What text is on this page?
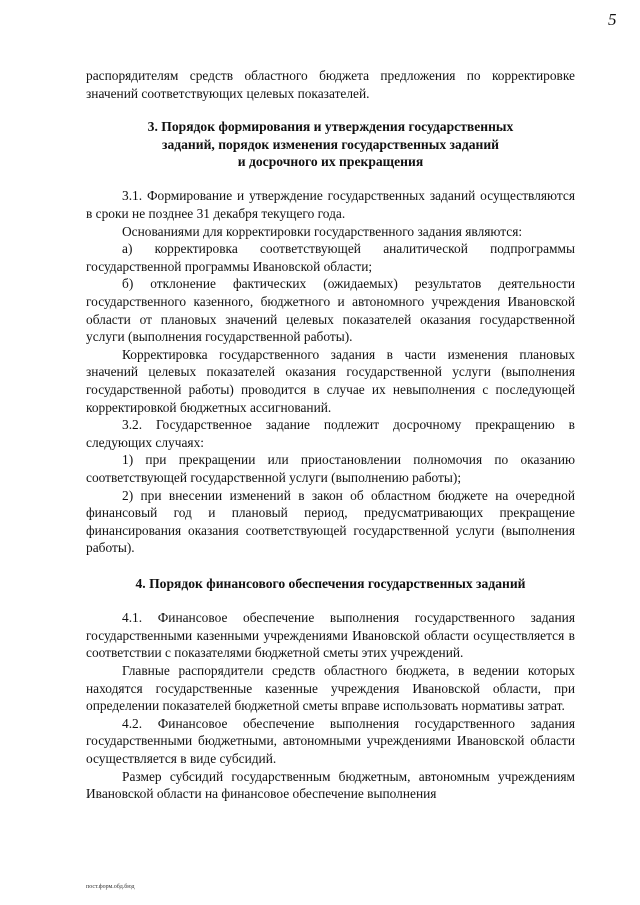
5

распорядителям средств областного бюджета предложения по корректировке значений соответствующих целевых показателей.

3. Порядок формирования и утверждения государственных
заданий, порядок изменения государственных заданий
и досрочного их прекращения

3.1. Формирование и утверждение государственных заданий осуществляются в сроки не позднее 31 декабря текущего года.

Основаниями для корректировки государственного задания являются:

а) корректировка соответствующей аналитической подпрограммы государственной программы Ивановской области;

б) отклонение фактических (ожидаемых) результатов деятельности государственного казенного, бюджетного и автономного учреждения Ивановской области от плановых значений целевых показателей оказания государственной услуги (выполнения государственной работы).

Корректировка государственного задания в части изменения плановых значений целевых показателей оказания государственной услуги (выполнения государственной работы) проводится в случае их невыполнения с последующей корректировкой бюджетных ассигнований.

3.2. Государственное задание подлежит досрочному прекращению в следующих случаях:

1) при прекращении или приостановлении полномочия по оказанию соответствующей государственной услуги (выполнению работы);

2) при внесении изменений в закон об областном бюджете на очередной финансовый год и плановый период, предусматривающих прекращение финансирования оказания соответствующей государственной услуги (выполнения работы).

4. Порядок финансового обеспечения государственных заданий

4.1. Финансовое обеспечение выполнения государственного задания государственными казенными учреждениями Ивановской области осуществляется в соответствии с показателями бюджетной сметы этих учреждений.

Главные распорядители средств областного бюджета, в ведении которых находятся государственные казенные учреждения Ивановской области, при определении показателей бюджетной сметы вправе использовать нормативы затрат.

4.2. Финансовое обеспечение выполнения государственного задания государственными бюджетными, автономными учреждениями Ивановской области осуществляется в виде субсидий.

Размер субсидий государственным бюджетным, автономным учреждениям Ивановской области на финансовое обеспечение выполнения

пост.форм.обд.бюд
